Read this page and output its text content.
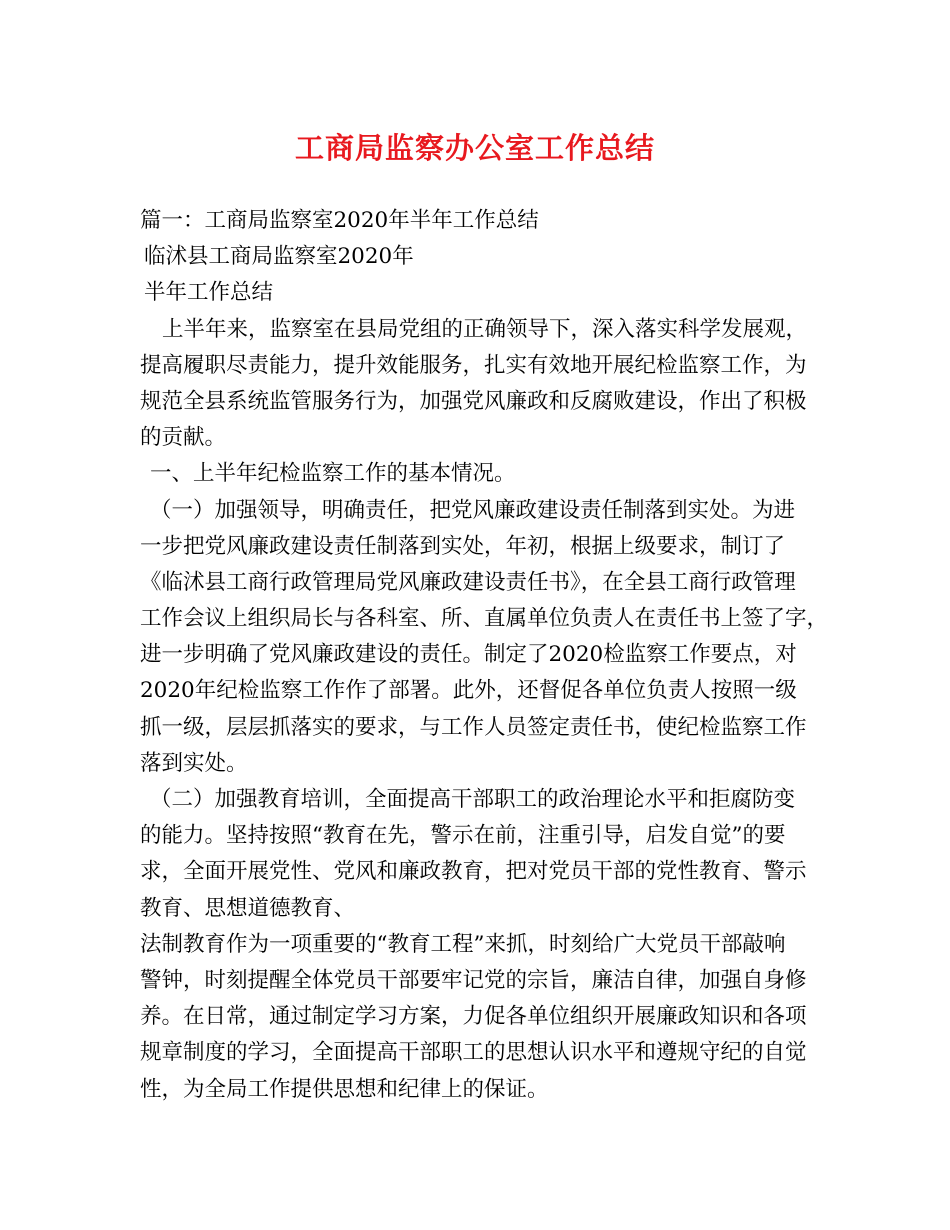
工商局监察办公室工作总结
篇一：工商局监察室2020年半年工作总结
临沭县工商局监察室2020年
半年工作总结
上半年来，监察室在县局党组的正确领导下，深入落实科学发展观，
提高履职尽责能力，提升效能服务，扎实有效地开展纪检监察工作，为
规范全县系统监管服务行为，加强党风廉政和反腐败建设，作出了积极
的贡献。
一、上半年纪检监察工作的基本情况。
（一）加强领导，明确责任，把党风廉政建设责任制落到实处。为进
一步把党风廉政建设责任制落到实处，年初，根据上级要求，制订了
《临沭县工商行政管理局党风廉政建设责任书》，在全县工商行政管理
工作会议上组织局长与各科室、所、直属单位负责人在责任书上签了字，
进一步明确了党风廉政建设的责任。制定了2020检监察工作要点，对
2020年纪检监察工作作了部署。此外，还督促各单位负责人按照一级
抓一级，层层抓落实的要求，与工作人员签定责任书，使纪检监察工作
落到实处。
（二）加强教育培训，全面提高干部职工的政治理论水平和拒腐防变
的能力。坚持按照“教育在先，警示在前，注重引导，启发自觉”的要
求，全面开展党性、党风和廉政教育，把对党员干部的党性教育、警示
教育、思想道德教育、
法制教育作为一项重要的“教育工程”来抓，时刻给广大党员干部敲响
警钟，时刻提醒全体党员干部要牢记党的宗旨，廉洁自律，加强自身修
养。在日常，通过制定学习方案，力促各单位组织开展廉政知识和各项
规章制度的学习，全面提高干部职工的思想认识水平和遵规守纪的自觉
性，为全局工作提供思想和纪律上的保证。
